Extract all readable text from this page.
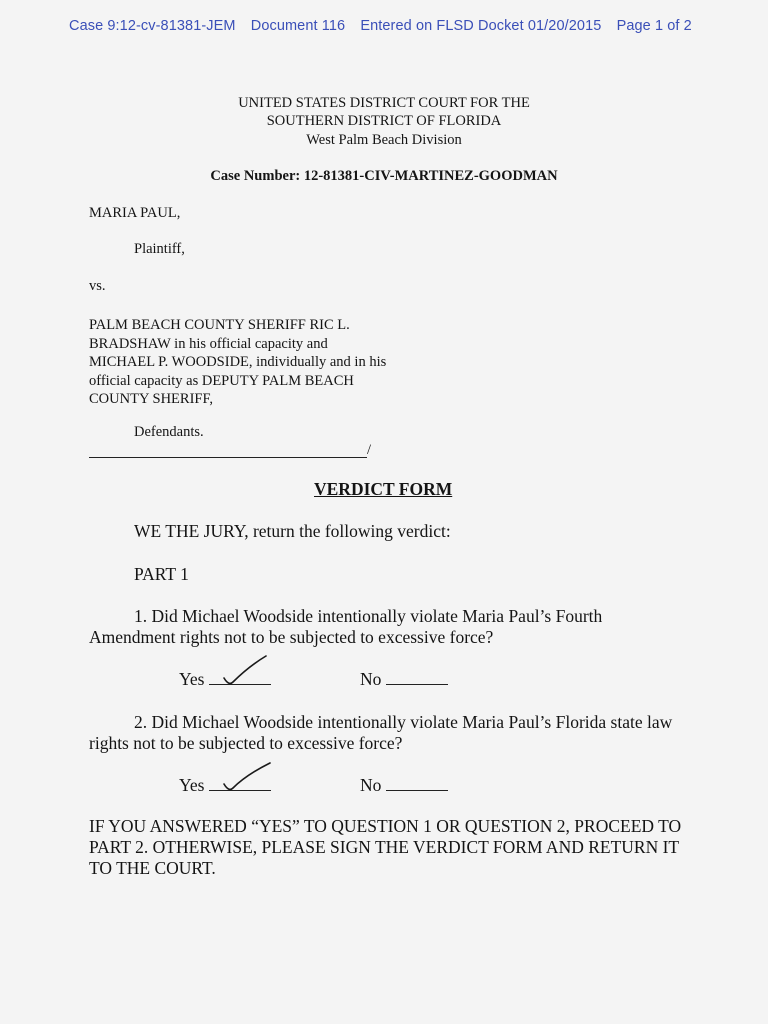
Case 9:12-cv-81381-JEM Document 116 Entered on FLSD Docket 01/20/2015 Page 1 of 2
UNITED STATES DISTRICT COURT FOR THE
SOUTHERN DISTRICT OF FLORIDA
West Palm Beach Division
Case Number: 12-81381-CIV-MARTINEZ-GOODMAN
MARIA PAUL,
Plaintiff,
vs.
PALM BEACH COUNTY SHERIFF RIC L. BRADSHAW in his official capacity and MICHAEL P. WOODSIDE, individually and in his official capacity as DEPUTY PALM BEACH COUNTY SHERIFF,
Defendants.
/
VERDICT FORM
WE THE JURY, return the following verdict:
PART 1
1. Did Michael Woodside intentionally violate Maria Paul’s Fourth Amendment rights not to be subjected to excessive force?
Yes	No
2. Did Michael Woodside intentionally violate Maria Paul’s Florida state law rights not to be subjected to excessive force?
Yes	No
IF YOU ANSWERED “YES” TO QUESTION 1 OR QUESTION 2, PROCEED TO PART 2. OTHERWISE, PLEASE SIGN THE VERDICT FORM AND RETURN IT TO THE COURT.
